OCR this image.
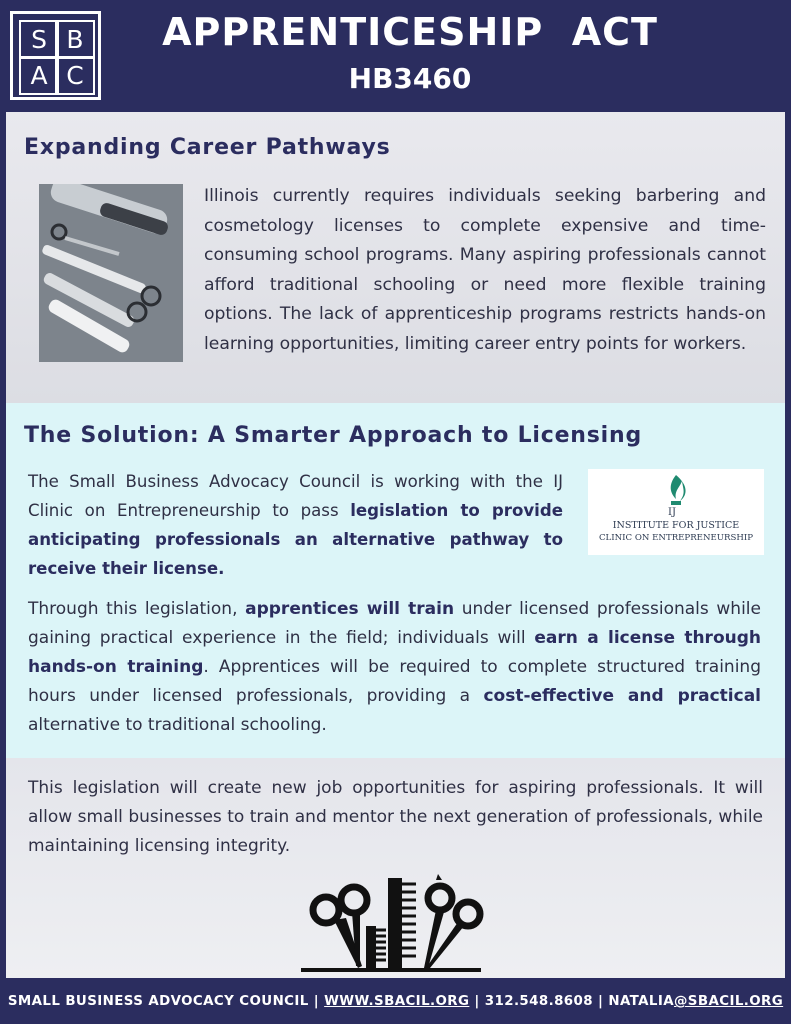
S B
A C
APPRENTICESHIP  ACT
HB3460
Expanding Career Pathways
Illinois currently requires individuals seeking barbering and cosmetology licenses to complete expensive and time-consuming school programs. Many aspiring professionals cannot afford traditional schooling or need more flexible training options. The lack of apprenticeship programs restricts hands-on learning opportunities, limiting career entry points for workers.
The Solution: A Smarter Approach to Licensing
The Small Business Advocacy Council is working with the IJ Clinic on Entrepreneurship to pass legislation to provide anticipating professionals an alternative pathway to receive their license.
IJ
INSTITUTE FOR JUSTICE
CLINIC ON ENTREPRENEURSHIP
Through this legislation, apprentices will train under licensed professionals while gaining practical experience in the field; individuals will earn a license through hands-on training. Apprentices will be required to complete structured training hours under licensed professionals, providing a cost-effective and practical alternative to traditional schooling.
This legislation will create new job opportunities for aspiring professionals. It will allow small businesses to train and mentor the next generation of professionals, while maintaining licensing integrity.
SMALL BUSINESS ADVOCACY COUNCIL | WWW.SBACIL.ORG | 312.548.8608 | NATALIA@SBACIL.ORG
